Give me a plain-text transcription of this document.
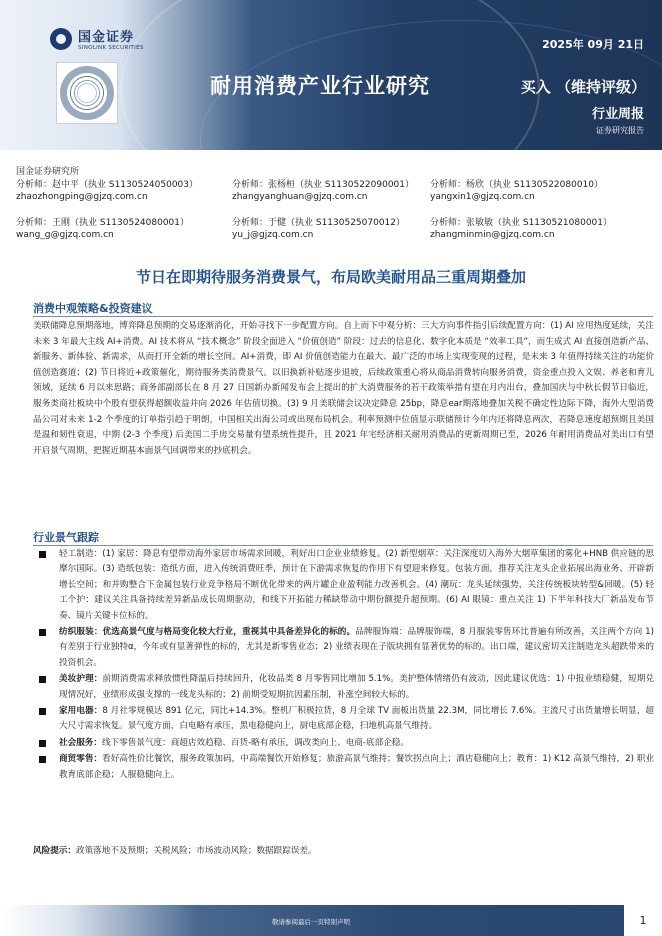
国金证券
SINOLINK SECURITIES	2025年 09月 21日
耐用消费产业行业研究	买入 （维持评级）
行业周报
证券研究报告
国金证券研究所
分析师：赵中平（执业 S1130524050003）
zhaozhongping@gjzq.com.cn
分析师：张杨桓（执业 S1130522090001）
zhangyanghuan@gjzq.com.cn
分析师：杨欣（执业 S1130522080010）
yangxin1@gjzq.com.cn
分析师：王刚（执业 S1130524080001）
wang_g@gjzq.com.cn
分析师：于健（执业 S1130525070012）
yu_j@gjzq.com.cn
分析师：张敏敏（执业 S1130521080001）
zhangminmin@gjzq.com.cn
节日在即期待服务消费景气，布局欧美耐用品三重周期叠加
消费中观策略&投资建议
美联储降息预期落地，博弈降息预期的交易逐渐消化，开始寻找下一步配置方向。自上而下中观分析：三大方向事件指引后续配置方向：(1) AI 应用热度延续，关注未来 3 年最大主线 AI+消费。AI 技术将从 “技术概念” 阶段全面进入 “价值创造” 阶段：过去的信息化、数字化本质是 “效率工具”，而生成式 AI 直接创造新产品、新服务、新体验、新需求，从而打开全新的增长空间。AI+消费，即 AI 价值创造能力在最大、最广泛的市场上实现变现的过程，是未来 3 年值得持续关注的功能价值创造赛道；(2) 节日将近+政策催化，期待服务类消费景气。以旧换新补贴逐步退坡，后续政策重心将从商品消费转向服务消费，资金重点投入文娱、养老和育儿领域，延续 6 月以来思路；商务部副部长在 8 月 27 日国新办新闻发布会上提出的扩大消费服务的若干政策举措有望在月内出台，叠加国庆与中秋长假节日临近，服务类商社板块中个股有望获得超额收益并向 2026 年估值切换。(3) 9 月美联储会议决定降息 25bp，降息ear期落地叠加关税不确定性边际下降，海外大型消费品公司对未来 1-2 个季度的订单指引趋于明朗，中国相关出海公司或出现布局机会。利率预测中位值显示联储预计今年内还将降息两次，若降息速度超预期且美国是温和韧性衰退，中期 (2-3 个季度) 后美国二手房交易量有望系统性提升，且 2021 年宅经济相关耐用消费品的更新周期已至，2026 年耐用消费品对美出口有望开启景气周期，把握近期基本面景气回调带来的抄底机会。
行业景气跟踪
轻工制造：(1) 家居：降息有望带动海外家居市场需求回暖，利好出口企业业绩修复。(2) 新型烟草：关注深度切入海外大烟草集团的雾化+HNB 供应链的思摩尔国际。(3) 造纸包装：造纸方面，进入传统消费旺季，预计在下游需求恢复的作用下有望迎来修复。包装方面，推荐关注龙头企业拓展出海业务、开辟新增长空间；和并购整合下金属包装行业竞争格局不断优化带来的两片罐企业盈利能力改善机会。(4) 潮玩：龙头延续强势，关注传统板块转型&回暖。(5) 轻工个护：建议关注具备持续差异新品成长周期驱动，和线下开拓能力稀缺带动中期份额提升超预期。(6) AI 眼镜：重点关注 1) 下半年科技大厂新品发布节奏、镜片关键卡位标的。
纺织服装：优选高景气度与格局变化较大行业，重视其中具备差异化的标的。品牌服饰端：品牌服饰端，8 月服装零售环比普遍有所改善，关注两个方向 1) 有差别于行业独特α，今年或有显著弹性的标的，尤其是新零售业态；2) 业绩表现在子版块拥有显著优势的标的。出口端，建议密切关注制造龙头超跌带来的投资机会。
美妆护理：前期消费需求释放惯性降温后持续回升，化妆品类 8 月零售同比增加 5.1%。美护整体情绪仍有波动，因此建议优选：1) 中报业绩稳健，短期兑现情况好，业绩形成强支撑的一线龙头标的；2) 前期受短期抗因素压制，补涨空间较大标的。
家用电器：8 月社零规模达 891 亿元，同比+14.3%。整机厂积极拉货，8 月全球 TV 面板出货量 22.3M，同比增长 7.6%。主流尺寸出货量增长明显，超大尺寸需求恢复。景气度方面，白电略有承压，黑电稳健向上，厨电底部企稳，扫地机高景气维持。
社会服务：线下零售景气度：商超店效趋稳、百货-略有承压，调改类向上、电商-底部企稳。
商贸零售：看好高性价比餐饮，服务政策加码，中高端餐饮开始修复；旅游高景气维持；餐饮拐点向上；酒店稳健向上；教育：1) K12 高景气维持，2) 职业教育底部企稳；人服稳健向上。
风险提示：政策落地不及预期；关税风险；市场波动风险；数据跟踪误差。
敬请参阅最后一页特别声明	1
